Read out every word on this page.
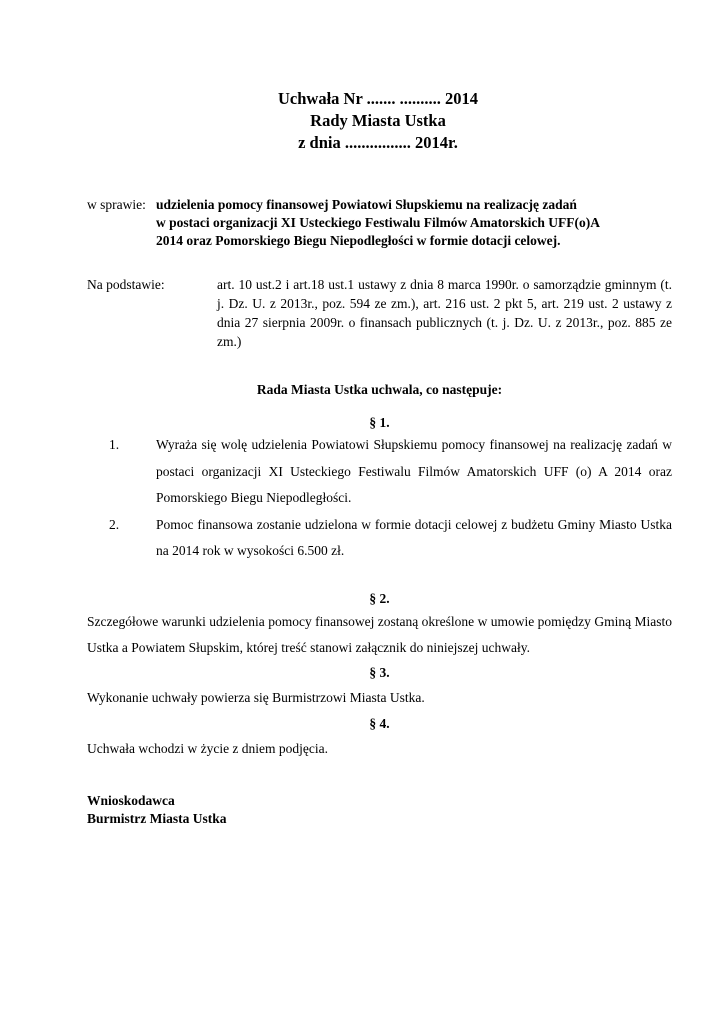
Uchwała Nr ....... .......... 2014
Rady Miasta Ustka
z dnia ................ 2014r.
w sprawie: udzielenia pomocy finansowej Powiatowi Słupskiemu na realizację zadań
w postaci organizacji XI Usteckiego Festiwalu Filmów Amatorskich UFF(o)A
2014 oraz Pomorskiego Biegu Niepodległości w formie dotacji celowej.
Na podstawie:	art. 10 ust.2 i art.18 ust.1 ustawy z dnia 8 marca 1990r. o samorządzie gminnym (t. j. Dz. U. z 2013r., poz. 594 ze zm.), art. 216 ust. 2 pkt 5, art. 219 ust. 2 ustawy z dnia 27 sierpnia 2009r. o finansach publicznych (t. j. Dz. U. z 2013r., poz. 885 ze zm.)
Rada Miasta Ustka uchwala, co następuje:
§ 1.
1.	Wyraża się wolę udzielenia Powiatowi Słupskiemu pomocy finansowej na realizację zadań w postaci organizacji XI Usteckiego Festiwalu Filmów Amatorskich UFF (o) A 2014 oraz Pomorskiego Biegu Niepodległości.
2.	Pomoc finansowa zostanie udzielona w formie dotacji celowej z budżetu Gminy Miasto Ustka na 2014 rok w wysokości 6.500 zł.
§ 2.
Szczegółowe warunki udzielenia pomocy finansowej zostaną określone w umowie pomiędzy Gminą Miasto Ustka a Powiatem Słupskim, której treść stanowi załącznik do niniejszej uchwały.
§ 3.
Wykonanie uchwały powierza się Burmistrzowi Miasta Ustka.
§ 4.
Uchwała wchodzi w życie z dniem podjęcia.
Wnioskodawca
Burmistrz Miasta Ustka
